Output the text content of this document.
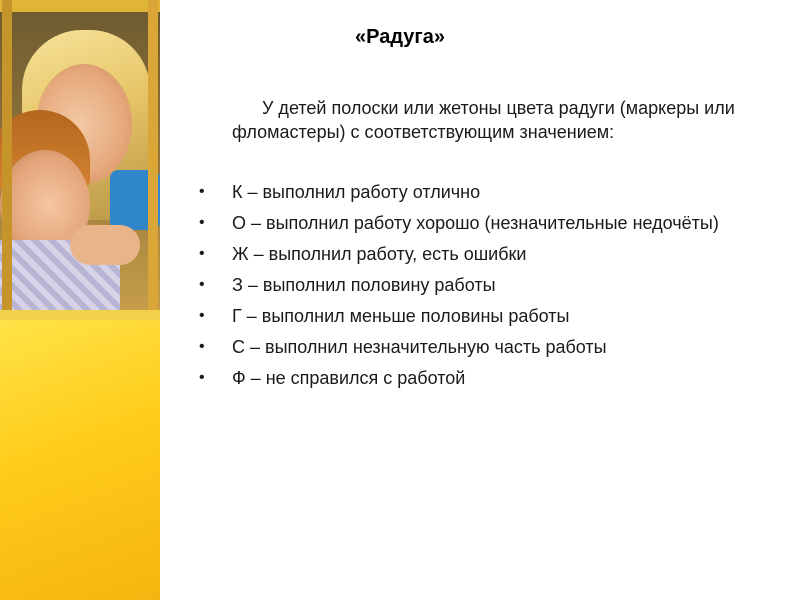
«Радуга»
У детей полоски или жетоны цвета радуги (маркеры или фломастеры) с соответствующим значением:
• К – выполнил работу отлично
• О – выполнил работу хорошо (незначительные недочёты)
• Ж – выполнил работу, есть ошибки
• З – выполнил половину работы
• Г – выполнил меньше половины работы
• С – выполнил незначительную часть работы
• Ф – не справился с работой
